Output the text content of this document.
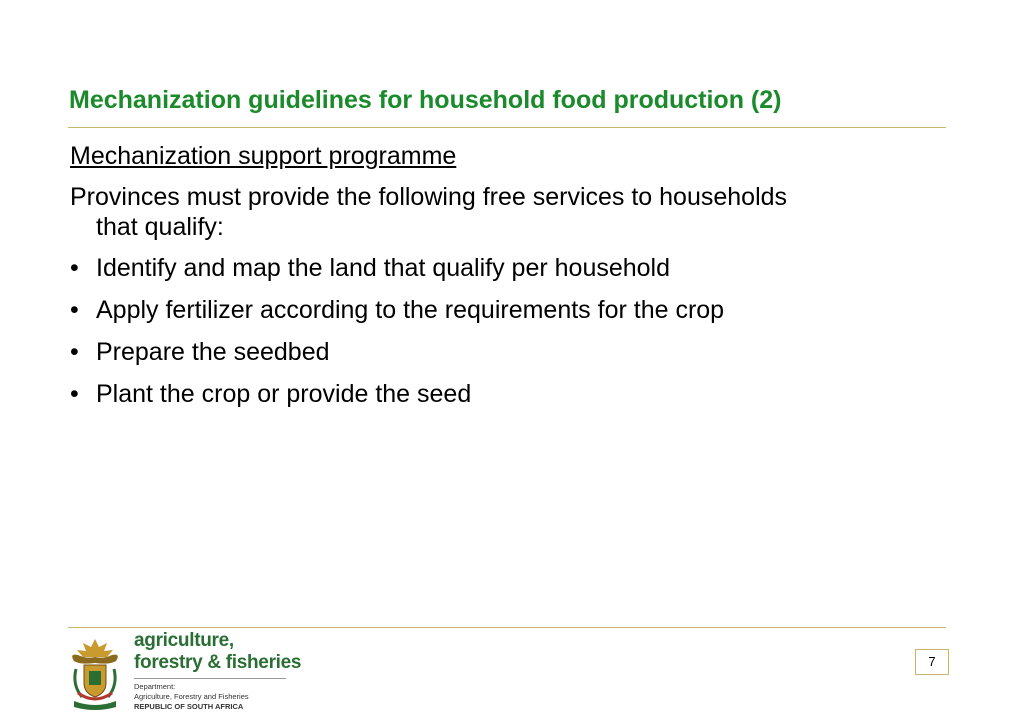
Mechanization guidelines for household food production (2)
Mechanization support programme
Provinces must provide the following free services to households
that qualify:
• Identify and map the land that qualify per household
• Apply fertilizer according to the requirements for the crop
• Prepare the seedbed
• Plant the crop or provide the seed
agriculture,
forestry & fisheries
Department:
Agriculture, Forestry and Fisheries
REPUBLIC OF SOUTH AFRICA
7
